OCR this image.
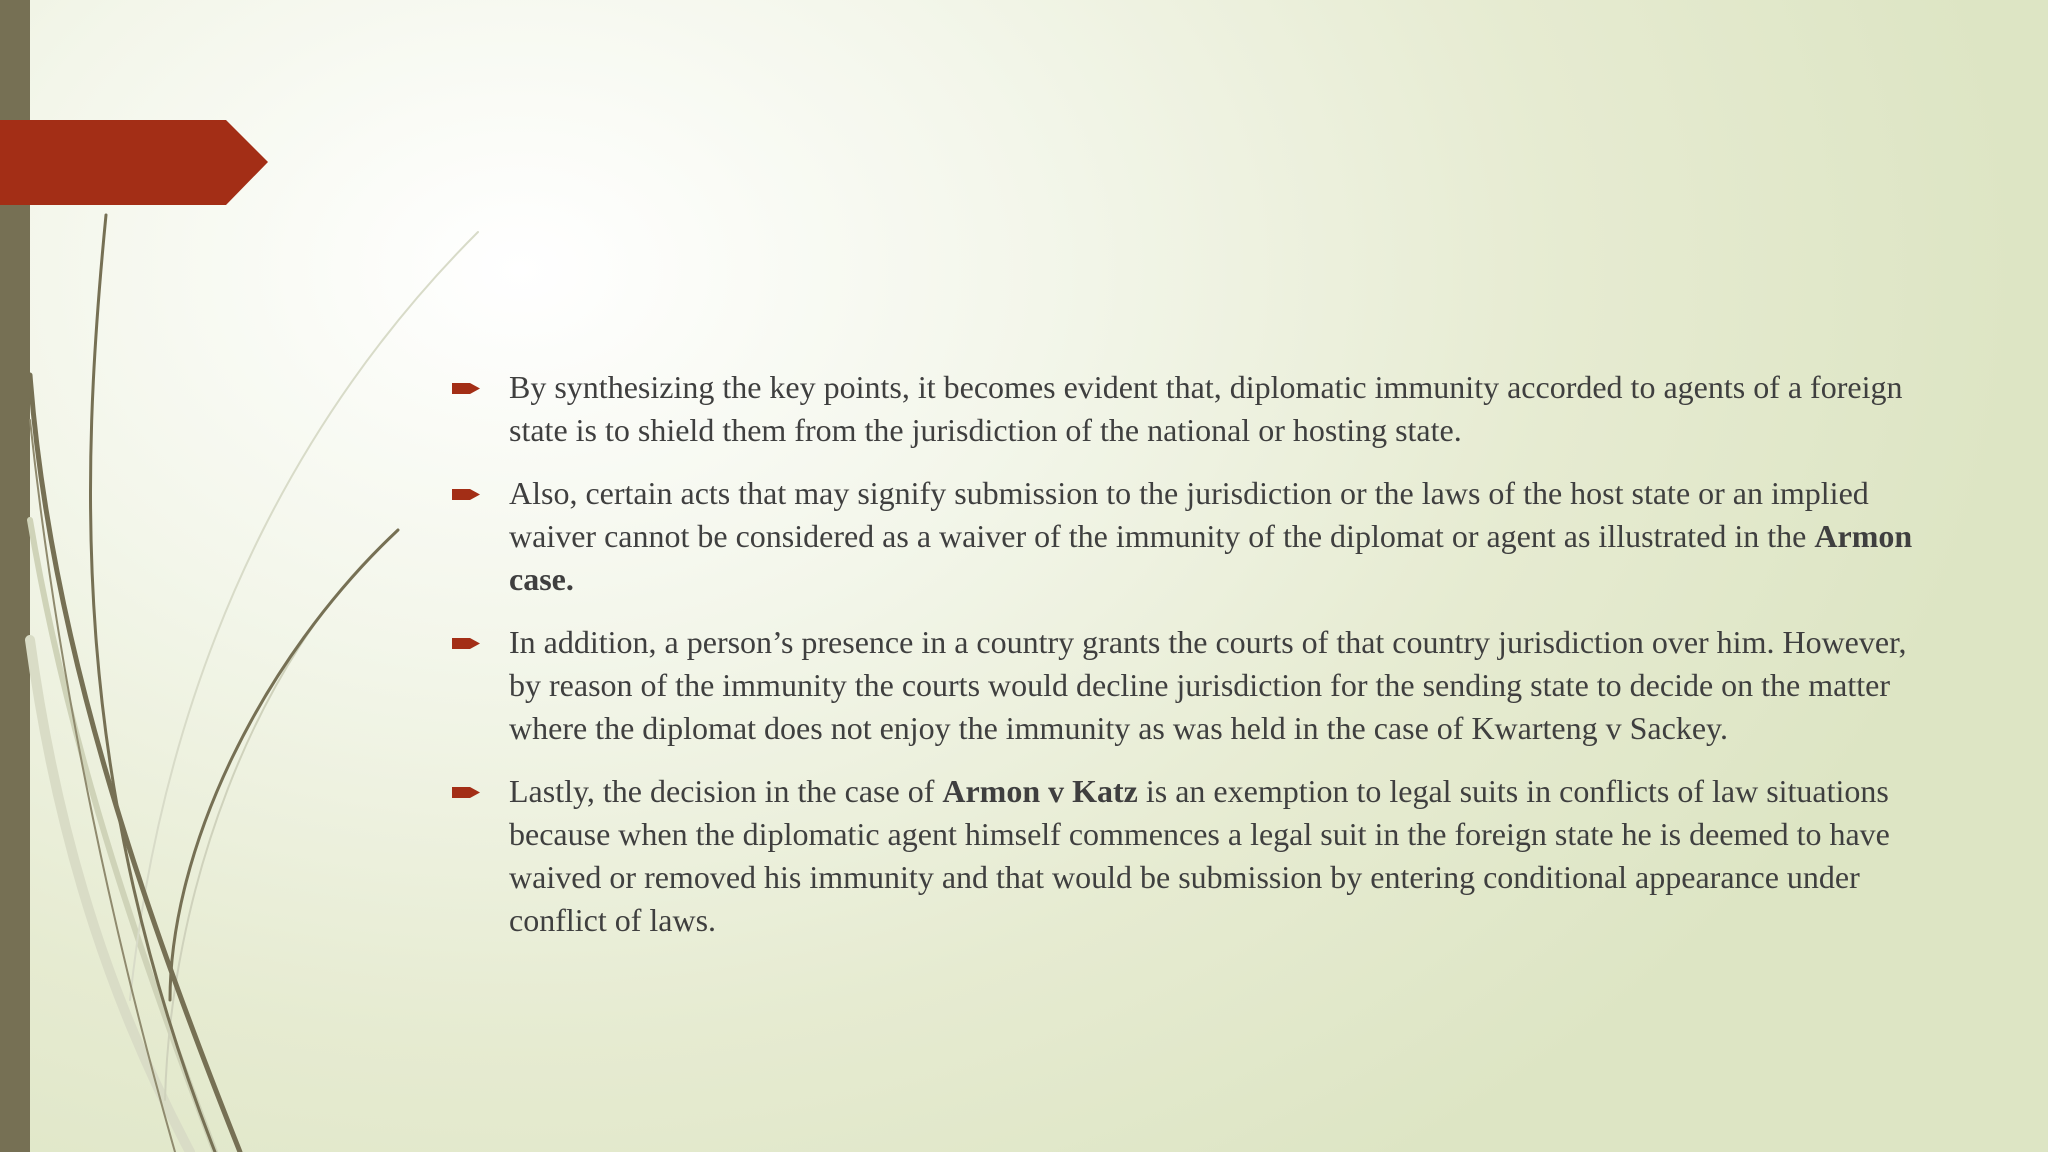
By synthesizing the key points, it becomes evident that, diplomatic immunity accorded to agents of a foreign state is to shield them from the jurisdiction of the national or hosting state.
Also, certain acts that may signify submission to the jurisdiction or the laws of the host state or an implied waiver cannot be considered as a waiver of the immunity of the diplomat or agent as illustrated in the Armon case.
In addition, a person’s presence in a country grants the courts of that country jurisdiction over him. However, by reason of the immunity the courts would decline jurisdiction for the sending state to decide on the matter where the diplomat does not enjoy the immunity as was held in the case of Kwarteng v Sackey.
Lastly, the decision in the case of Armon v Katz is an exemption to legal suits in conflicts of law situations because when the diplomatic agent himself commences a legal suit in the foreign state he is deemed to have waived or removed his immunity and that would be submission by entering conditional appearance under conflict of laws.
